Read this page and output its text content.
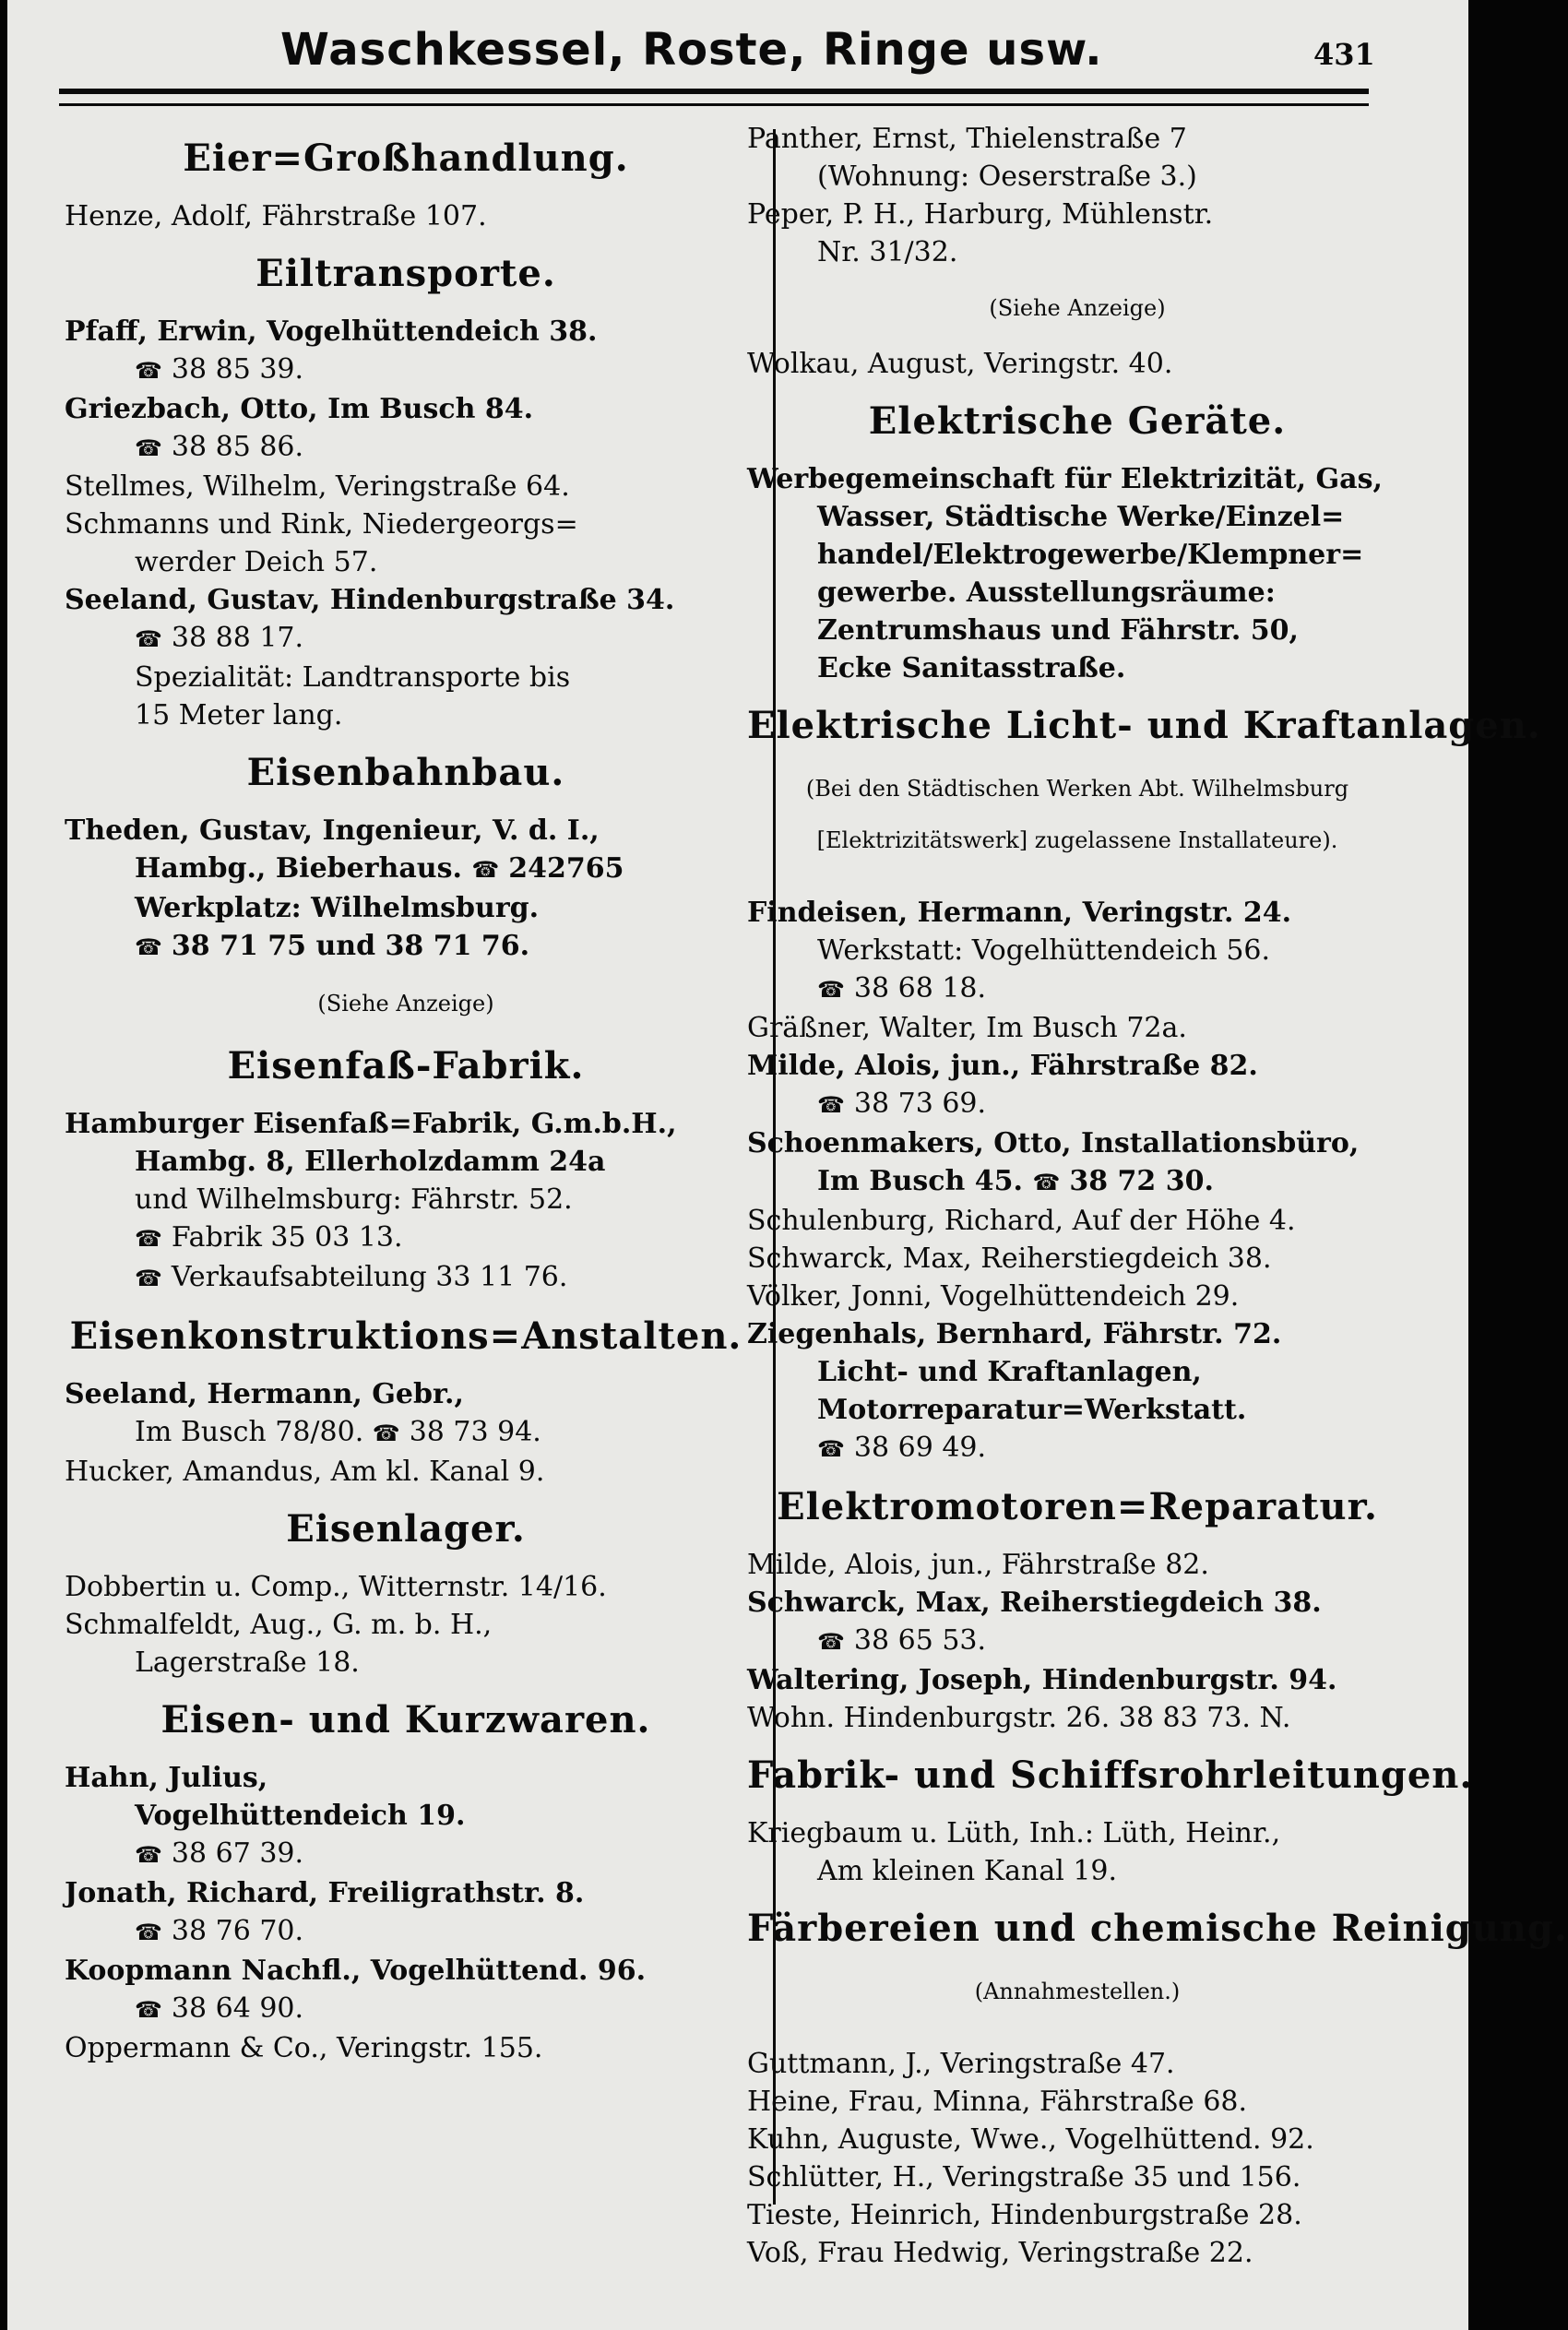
Waschkessel, Roste, Ringe usw.	431
Eier=Großhandlung.

Henze, Adolf, Fährstraße 107.

Eiltransporte.

Pfaff, Erwin, Vogelhüttendeich 38.

☎ 38 85 39.

Griezbach, Otto, Im Busch 84.

☎ 38 85 86.

Stellmes, Wilhelm, Veringstraße 64.

Schmanns und Rink, Niedergeorgs=

werder Deich 57.

Seeland, Gustav, Hindenburgstraße 34.

☎ 38 88 17.

Spezialität: Landtransporte bis

15 Meter lang.

Eisenbahnbau.

Theden, Gustav, Ingenieur, V. d. I.,

Hambg., Bieberhaus. ☎ 242765

Werkplatz: Wilhelmsburg.

☎ 38 71 75 und 38 71 76.

(Siehe Anzeige)

Eisenfaß-Fabrik.

Hamburger Eisenfaß=Fabrik, G.m.b.H.,

Hambg. 8, Ellerholzdamm 24a

und Wilhelmsburg: Fährstr. 52.

☎ Fabrik 35 03 13.

☎ Verkaufsabteilung 33 11 76.

Eisenkonstruktions=Anstalten.

Seeland, Hermann, Gebr.,

Im Busch 78/80. ☎ 38 73 94.

Hucker, Amandus, Am kl. Kanal 9.

Eisenlager.

Dobbertin u. Comp., Witternstr. 14/16.

Schmalfeldt, Aug., G. m. b. H.,

Lagerstraße 18.

Eisen- und Kurzwaren.

Hahn, Julius,

Vogelhüttendeich 19.

☎ 38 67 39.

Jonath, Richard, Freiligrathstr. 8.

☎ 38 76 70.

Koopmann Nachfl., Vogelhüttend. 96.

☎ 38 64 90.

Oppermann & Co., Veringstr. 155.

Panther, Ernst, Thielenstraße 7

(Wohnung: Oeserstraße 3.)

Peper, P. H., Harburg, Mühlenstr.

Nr. 31/32.

(Siehe Anzeige)

Wolkau, August, Veringstr. 40.

Elektrische Geräte.

Werbegemeinschaft für Elektrizität, Gas,

Wasser, Städtische Werke/Einzel=

handel/Elektrogewerbe/Klempner=

gewerbe. Ausstellungsräume:

Zentrumshaus und Fährstr. 50,

Ecke Sanitasstraße.

Elektrische Licht- und Kraftanlagen.

(Bei den Städtischen Werken Abt. Wilhelmsburg

[Elektrizitätswerk] zugelassene Installateure).

Findeisen, Hermann, Veringstr. 24.

Werkstatt: Vogelhüttendeich 56.

☎ 38 68 18.

Gräßner, Walter, Im Busch 72a.

Milde, Alois, jun., Fährstraße 82.

☎ 38 73 69.

Schoenmakers, Otto, Installationsbüro,

Im Busch 45. ☎ 38 72 30.

Schulenburg, Richard, Auf der Höhe 4.

Schwarck, Max, Reiherstiegdeich 38.

Völker, Jonni, Vogelhüttendeich 29.

Ziegenhals, Bernhard, Fährstr. 72.

Licht- und Kraftanlagen,

Motorreparatur=Werkstatt.

☎ 38 69 49.

Elektromotoren=Reparatur.

Milde, Alois, jun., Fährstraße 82.

Schwarck, Max, Reiherstiegdeich 38.

☎ 38 65 53.

Waltering, Joseph, Hindenburgstr. 94.

Wohn. Hindenburgstr. 26. 38 83 73. N.

Fabrik- und Schiffsrohrleitungen.

Kriegbaum u. Lüth, Inh.: Lüth, Heinr.,

Am kleinen Kanal 19.

Färbereien und chemische Reinigung.

(Annahmestellen.)

Guttmann, J., Veringstraße 47.

Heine, Frau, Minna, Fährstraße 68.

Kuhn, Auguste, Wwe., Vogelhüttend. 92.

Schlütter, H., Veringstraße 35 und 156.

Tieste, Heinrich, Hindenburgstraße 28.

Voß, Frau Hedwig, Veringstraße 22.
